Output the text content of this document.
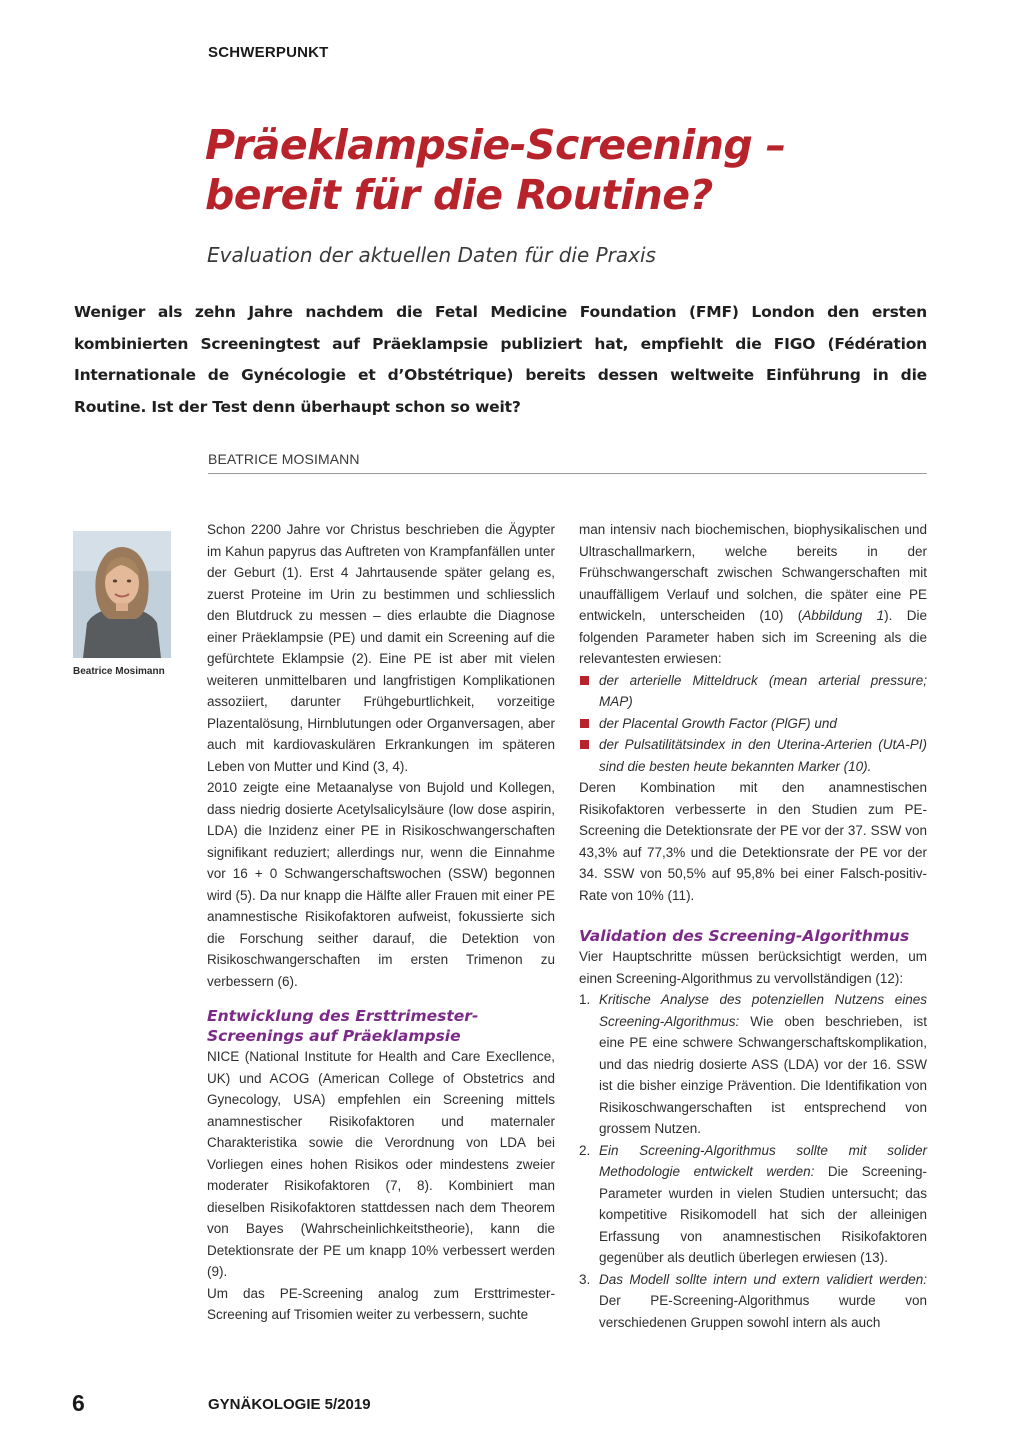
SCHWERPUNKT
Präeklampsie-Screening –
bereit für die Routine?
Evaluation der aktuellen Daten für die Praxis

Weniger als zehn Jahre nachdem die Fetal Medicine Foundation (FMF) London den ersten kombinierten Screeningtest auf Präeklampsie publiziert hat, empfiehlt die FIGO (Fédération Internationale de Gynécologie et d’Obstétrique) bereits dessen weltweite Einführung in die Routine. Ist der Test denn überhaupt schon so weit?

BEATRICE MOSIMANN
Beatrice Mosimann

Schon 2200 Jahre vor Christus beschrieben die Ägypter im Kahun papyrus das Auftreten von Krampfanfällen unter der Geburt (1). Erst 4 Jahrtausende später gelang es, zuerst Proteine im Urin zu bestimmen und schliesslich den Blutdruck zu messen – dies erlaubte die Diagnose einer Präeklampsie (PE) und damit ein Screening auf die gefürchtete Eklampsie (2). Eine PE ist aber mit vielen weiteren unmittelbaren und langfristigen Komplikationen assoziiert, darunter Frühgeburtlichkeit, vorzeitige Plazentalösung, Hirnblutungen oder Organversagen, aber auch mit kardiovaskulären Erkrankungen im späteren Leben von Mutter und Kind (3, 4).

2010 zeigte eine Metaanalyse von Bujold und Kollegen, dass niedrig dosierte Acetylsalicylsäure (low dose aspirin, LDA) die Inzidenz einer PE in Risikoschwangerschaften signifikant reduziert; allerdings nur, wenn die Einnahme vor 16 + 0 Schwangerschaftswochen (SSW) begonnen wird (5). Da nur knapp die Hälfte aller Frauen mit einer PE anamnestische Risikofaktoren aufweist, fokussierte sich die Forschung seither darauf, die Detektion von Risikoschwangerschaften im ersten Trimenon zu verbessern (6).

Entwicklung des Ersttrimester-Screenings auf Präeklampsie

NICE (National Institute for Health and Care Execllence, UK) und ACOG (American College of Obstetrics and Gynecology, USA) empfehlen ein Screening mittels anamnestischer Risikofaktoren und maternaler Charakteristika sowie die Verordnung von LDA bei Vorliegen eines hohen Risikos oder mindestens zweier moderater Risikofaktoren (7, 8). Kombiniert man dieselben Risikofaktoren stattdessen nach dem Theorem von Bayes (Wahrscheinlichkeitstheorie), kann die Detektionsrate der PE um knapp 10% verbessert werden (9).

Um das PE-Screening analog zum Ersttrimester-Screening auf Trisomien weiter zu verbessern, suchte

man intensiv nach biochemischen, biophysikalischen und Ultraschallmarkern, welche bereits in der Frühschwangerschaft zwischen Schwangerschaften mit unauffälligem Verlauf und solchen, die später eine PE entwickeln, unterscheiden (10) (Abbildung 1). Die folgenden Parameter haben sich im Screening als die relevantesten erwiesen:

der arterielle Mitteldruck (mean arterial pressure; MAP)
der Placental Growth Factor (PlGF) und
der Pulsatilitätsindex in den Uterina-Arterien (UtA-PI) sind die besten heute bekannten Marker (10).

Deren Kombination mit den anamnestischen Risikofaktoren verbesserte in den Studien zum PE-Screening die Detektionsrate der PE vor der 37. SSW von 43,3% auf 77,3% und die Detektionsrate der PE vor der 34. SSW von 50,5% auf 95,8% bei einer Falsch-positiv-Rate von 10% (11).

Validation des Screening-Algorithmus

Vier Hauptschritte müssen berücksichtigt werden, um einen Screening-Algorithmus zu vervollständigen (12):

1. Kritische Analyse des potenziellen Nutzens eines Screening-Algorithmus: Wie oben beschrieben, ist eine PE eine schwere Schwangerschaftskomplikation, und das niedrig dosierte ASS (LDA) vor der 16. SSW ist die bisher einzige Prävention. Die Identifikation von Risikoschwangerschaften ist entsprechend von grossem Nutzen.
2. Ein Screening-Algorithmus sollte mit solider Methodologie entwickelt werden: Die Screening-Parameter wurden in vielen Studien untersucht; das kompetitive Risikomodell hat sich der alleinigen Erfassung von anamnestischen Risikofaktoren gegenüber als deutlich überlegen erwiesen (13).
3. Das Modell sollte intern und extern validiert werden: Der PE-Screening-Algorithmus wurde von verschiedenen Gruppen sowohl intern als auch
6	GYNÄKOLOGIE 5/2019
